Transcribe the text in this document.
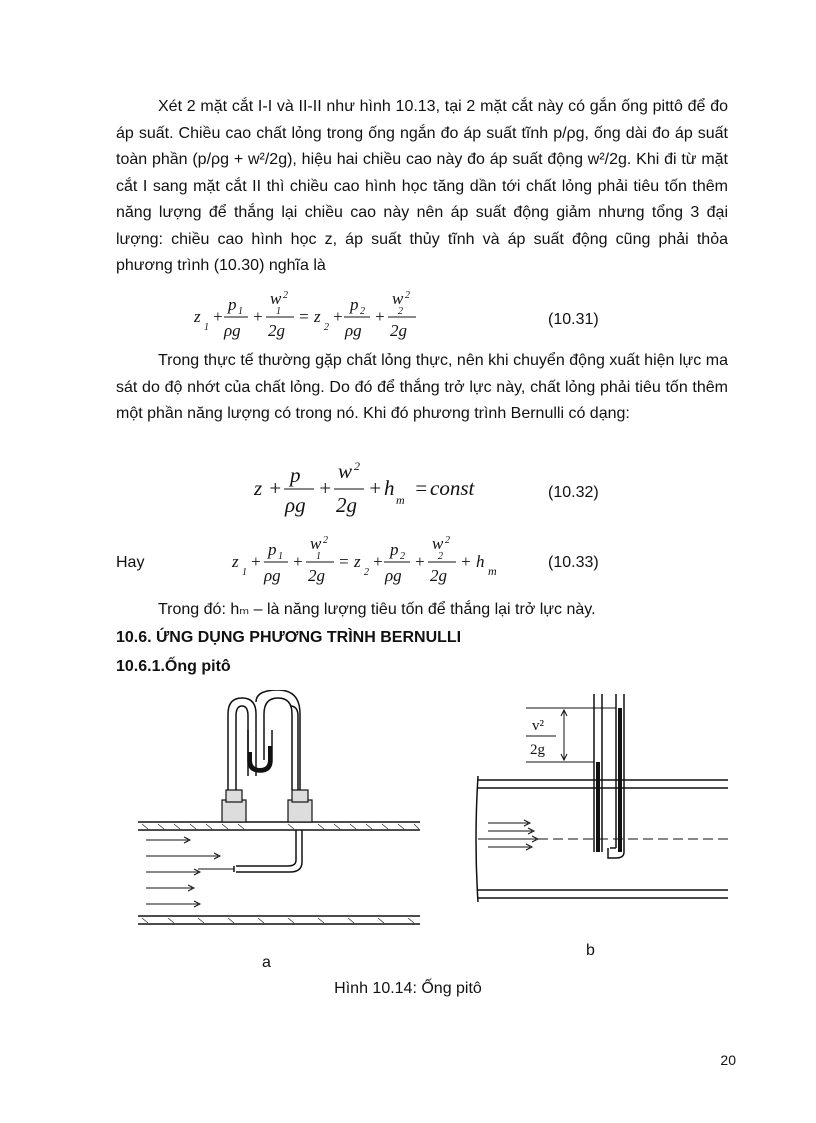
Xét 2 mặt cắt I-I và II-II như hình 10.13, tại 2 mặt cắt này có gắn ống pittô để đo áp suất. Chiều cao chất lỏng trong ống ngắn đo áp suất tĩnh p/ρg, ống dài đo áp suất toàn phần (p/ρg + w²/2g), hiệu hai chiều cao này đo áp suất động w²/2g. Khi đi từ mặt cắt I sang mặt cắt II thì chiều cao hình học tăng dần tới chất lỏng phải tiêu tốn thêm năng lượng để thắng lại chiều cao này nên áp suất động giảm nhưng tổng 3 đại lượng: chiều cao hình học z, áp suất thủy tĩnh và áp suất động cũng phải thỏa phương trình (10.30) nghĩa là

z
1
+
p 1
ρg
+
w 2
1
2g
= z
2
+
p 2
ρg
+
w 2
2
2g
(10.31)

Trong thực tế thường gặp chất lỏng thực, nên khi chuyển động xuất hiện lực ma sát do độ nhớt của chất lỏng. Do đó để thắng trở lực này, chất lỏng phải tiêu tốn thêm một phần năng lượng có trong nó. Khi đó phương trình Bernulli có dạng:

z +
p
ρg
+
w 2
2g
+ h m = const	(10.32)
Hay	z
1
+
p 1
ρg
+
w 2
1
2g
= z
2
+
p 2
ρg
+
w 2
2
2g
+ h m	(10.33)

Trong đó: hₘ – là năng lượng tiêu tốn để thắng lại trở lực này.

10.6. ỨNG DỤNG PHƯƠNG TRÌNH BERNULLI

10.6.1.Ống pitô

a
v²
2g
b
Hình 10.14: Ống pitô
20
